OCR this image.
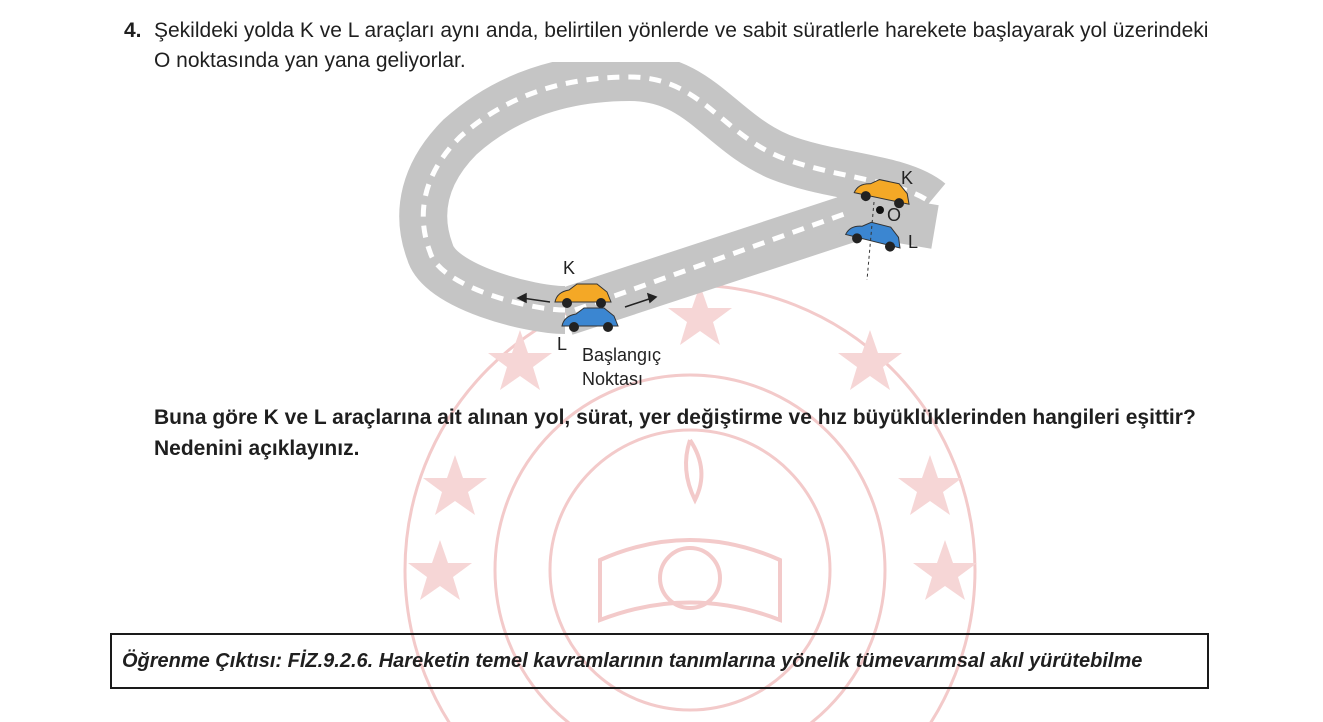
4. Şekildeki yolda K ve L araçları aynı anda, belirtilen yönlerde ve sabit süratlerle harekete başlayarak yol üzerindeki O noktasında yan yana geliyorlar.
K
L
K
L
O
Başlangıç
Noktası
Buna göre K ve L araçlarına ait alınan yol, sürat, yer değiştirme ve hız büyüklüklerinden hangileri eşittir?
Nedenini açıklayınız.
Öğrenme Çıktısı: FİZ.9.2.6. Hareketin temel kavramlarının tanımlarına yönelik tümevarımsal akıl yürütebilme
